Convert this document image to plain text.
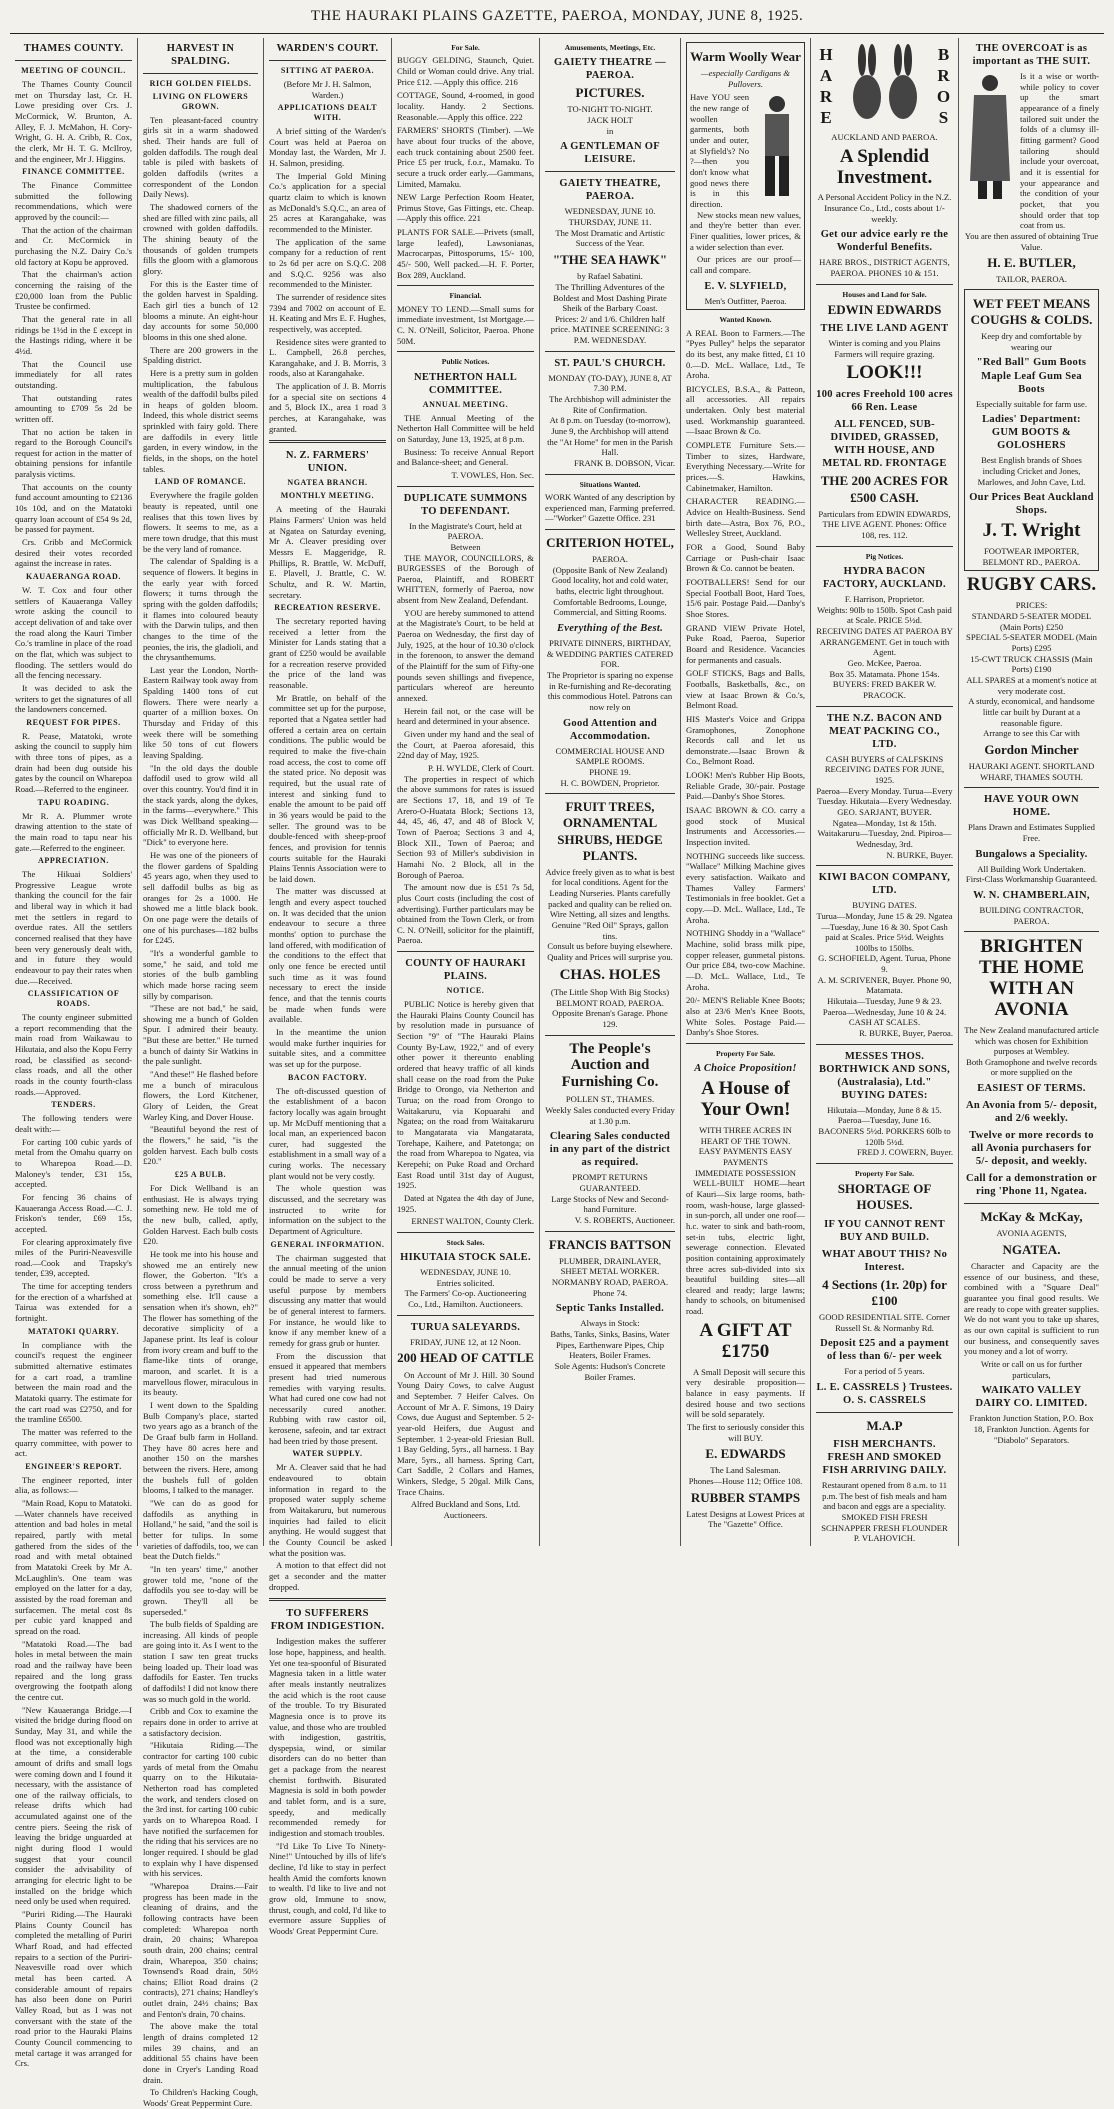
THE HAURAKI PLAINS GAZETTE, PAEROA, MONDAY, JUNE 8, 1925.
THAMES COUNTY.
MEETING OF COUNCIL.
The Thames County Council met on Thursday last, Cr. H. Lowe presiding over Crs. J. McCormick, W. Brunton, A. Alley, F. J. McMahon, H. Cory-Wright, G. H. A. Cribb, R. Cox, the clerk, Mr H. T. G. McIlroy, and the engineer, Mr J. Higgins.
FINANCE COMMITTEE.
The Finance Committee submitted the following recommendations, which were approved by the council:—
That the action of the chairman and Cr. McCormick in purchasing the N.Z. Dairy Co.'s old factory at Kopu be approved.
That the chairman's action concerning the raising of the £20,000 loan from the Public Trustee be confirmed.
That the general rate in all ridings be 1½d in the £ except in the Hastings riding, where it be 4½d.
That the Council use immediately for all rates outstanding.
That outstanding rates amounting to £709 5s 2d be written off.
That no action be taken in regard to the Borough Council's request for action in the matter of obtaining pensions for infantile paralysis victims.
That accounts on the county fund account amounting to £2136 10s 10d, and on the Matatoki quarry loan account of £54 9s 2d, be passed for payment.
Crs. Cribb and McCormick desired their votes recorded against the increase in rates.
KAUAERANGA ROAD.
W. T. Cox and four other settlers of Kauaeranga Valley wrote asking the council to accept delivation of and take over the road along the Kauri Timber Co.'s tramline in place of the road on the flat, which was subject to flooding. The settlers would do all the fencing necessary.
It was decided to ask the writers to get the signatures of all the landowners concerned.
REQUEST FOR PIPES.
R. Pease, Matatoki, wrote asking the council to supply him with three tons of pipes, as a drain had been dug outside his gates by the council on Wharepoa Road.—Referred to the engineer.
TAPU ROADING.
Mr R. A. Plummer wrote drawing attention to the state of the main road to tapu near his gate.—Referred to the engineer.
APPRECIATION.
The Hikuai Soldiers' Progressive League wrote thanking the council for the fair and liberal way in which it had met the settlers in regard to overdue rates. All the settlers concerned realised that they have been very generously dealt with, and in future they would endeavour to pay their rates when due.—Received.
CLASSIFICATION OF ROADS.
The county engineer submitted a report recommending that the main road from Waikawau to Hikutaia, and also the Kopu Ferry road, be classified as second-class roads, and all the other roads in the county fourth-class roads.—Approved.
TENDERS.
The following tenders were dealt with:—
For carting 100 cubic yards of metal from the Omahu quarry on to Wharepoa Road.—D. Maloney's tender, £31 15s, accepted.
For fencing 36 chains of Kauaeranga Access Road.—C. J. Friskon's tender, £69 15s, accepted.
For clearing approximately five miles of the Puriri-Neavesville road.—Cook and Trapsky's tender, £39, accepted.
The time for accepting tenders for the erection of a wharfshed at Tairua was extended for a fortnight.
MATATOKI QUARRY.
In compliance with the council's request the engineer submitted alternative estimates for a cart road, a tramline between the main road and the Matatoki quarry. The estimate for the cart road was £2750, and for the tramline £6500.
The matter was referred to the quarry committee, with power to act.
ENGINEER'S REPORT.
The engineer reported, inter alia, as follows:—
"Main Road, Kopu to Matatoki.—Water channels have received attention and bad holes in metal repaired, partly with metal gathered from the sides of the road and with metal obtained from Matatoki Creek by Mr A. McLaughlin's. One team was employed on the latter for a day, assisted by the road foreman and surfacemen. The metal cost 8s per cubic yard knapped and spread on the road.
"Matatoki Road.—The bad holes in metal between the main road and the railway have been repaired and the long grass overgrowing the footpath along the centre cut.
"New Kauaeranga Bridge.—I visited the bridge during flood on Sunday, May 31, and while the flood was not exceptionally high at the time, a considerable amount of drifts and small logs were coming down and I found it necessary, with the assistance of one of the railway officials, to release drifts which had accumulated against one of the centre piers. Seeing the risk of leaving the bridge unguarded at night during flood I would suggest that your council consider the advisability of arranging for electric light to be installed on the bridge which need only be used when required.
"Puriri Riding.—The Hauraki Plains County Council has completed the metalling of Puriri Wharf Road, and had effected repairs to a section of the Puriri-Neavesville road over which metal has been carted. A considerable amount of repairs has also been done on Puriri Valley Road, but as I was not conversant with the state of the road prior to the Hauraki Plains County Council commencing to metal cartage it was arranged for Crs.
HARVEST IN SPALDING.
RICH GOLDEN FIELDS.
LIVING ON FLOWERS GROWN.
Ten pleasant-faced country girls sit in a warm shadowed shed. Their hands are full of golden daffodils. The rough deal table is piled with baskets of golden daffodils (writes a correspondent of the London Daily News).
The shadowed corners of the shed are filled with zinc pails, all crowned with golden daffodils. The shining beauty of the thousands of golden trumpets fills the gloom with a glamorous glory.
For this is the Easter time of the golden harvest in Spalding. Each girl ties a bunch of 12 blooms a minute. An eight-hour day accounts for some 50,000 blooms in this one shed alone.
There are 200 growers in the Spalding district.
Here is a pretty sum in golden multiplication, the fabulous wealth of the daffodil bulbs piled in heaps of golden bloom. Indeed, this whole district seems sprinkled with fairy gold. There are daffodils in every little garden, in every window, in the fields, in the shops, on the hotel tables.
LAND OF ROMANCE.
Everywhere the fragile golden beauty is repeated, until one realises that this town lives by flowers. It seems to me, as a mere town drudge, that this must be the very land of romance.
The calendar of Spalding is a sequence of flowers. It begins in the early year with forced flowers; it turns through the spring with the golden daffodils; it flames into coloured beauty with the Darwin tulips, and then changes to the time of the peonies, the iris, the gladioli, and the chrysanthemums.
Last year the London, North-Eastern Railway took away from Spalding 1400 tons of cut flowers. There were nearly a quarter of a million boxes. On Thursday and Friday of this week there will be something like 50 tons of cut flowers leaving Spalding.
"In the old days the double daffodil used to grow wild all over this country. You'd find it in the stack yards, along the dykes, in the farms—everywhere." This was Dick Wellband speaking—officially Mr R. D. Wellband, but "Dick" to everyone here.
He was one of the pioneers of the flower gardens of Spalding 45 years ago, when they used to sell daffodil bulbs as big as oranges for 2s a 1000. He showed me a little black book. On one page were the details of one of his purchases—182 bulbs for £245.
"It's a wonderful gamble to some," he said, and told me stories of the bulb gambling which made horse racing seem silly by comparison.
"These are not bad," he said, showing me a bunch of Golden Spur. I admired their beauty. "But these are better." He turned a bunch of dainty Sir Watkins in the pale sunlight.
"And these!" He flashed before me a bunch of miraculous flowers, the Lord Kitchener, Glory of Leiden, the Great Warley King, and Dover House.
"Beautiful beyond the rest of the flowers," he said, "is the golden harvest. Each bulb costs £20."
£25 A BULB.
For Dick Wellband is an enthusiast. He is always trying something new. He told me of the new bulb, called, aptly, Golden Harvest. Each bulb costs £20.
He took me into his house and showed me an entirely new flower, the Goberton. "It's a cross between a pyrethrum and something else. It'll cause a sensation when it's shown, eh?" The flower has something of the decorative simplicity of a Japanese print. Its leaf is colour from ivory cream and buff to the flame-like tints of orange, maroon, and scarlet. It is a marvellous flower, miraculous in its beauty.
I went down to the Spalding Bulb Company's place, started two years ago as a branch of the De Graaf bulb farm in Holland. They have 80 acres here and another 150 on the marshes between the rivers. Here, among the bushels full of golden blooms, I talked to the manager.
"We can do as good for daffodils as anything in Holland," he said, "and the soil is better for tulips. In some varieties of daffodils, too, we can beat the Dutch fields."
"In ten years' time," another grower told me, "none of the daffodils you see to-day will be grown. They'll all be superseded."
The bulb fields of Spalding are increasing. All kinds of people are going into it. As I went to the station I saw ten great trucks being loaded up. Their load was daffodils for Easter. Ten trucks of daffodils! I did not know there was so much gold in the world.
Cribb and Cox to examine the repairs done in order to arrive at a satisfactory decision.
"Hikutaia Riding.—The contractor for carting 100 cubic yards of metal from the Omahu quarry on to the Hikutaia-Netherton road has completed the work, and tenders closed on the 3rd inst. for carting 100 cubic yards on to Wharepoa Road. I have notified the surfacemen for the riding that his services are no longer required. I should be glad to explain why I have dispensed with his services.
"Wharepoa Drains.—Fair progress has been made in the cleaning of drains, and the following contracts have been completed: Wharepoa north drain, 20 chains; Wharepoa south drain, 200 chains; central drain, Wharepoa, 350 chains; Townsend's Road drain, 50½ chains; Elliot Road drains (2 contracts), 271 chains; Handley's outlet drain, 24½ chains; Bax and Fenton's drain, 70 chains.
The above make the total length of drains completed 12 miles 39 chains, and an additional 55 chains have been done in Cryer's Landing Road drain.
To Children's Hacking Cough, Woods' Great Peppermint Cure.
WARDEN'S COURT.
SITTING AT PAEROA.
(Before Mr J. H. Salmon, Warden.)
APPLICATIONS DEALT WITH.
A brief sitting of the Warden's Court was held at Paeroa on Monday last, the Warden, Mr J. H. Salmon, presiding.
The Imperial Gold Mining Co.'s application for a special quartz claim to which is known as McDonald's S.Q.C., an area of 25 acres at Karangahake, was recommended to the Minister.
The application of the same company for a reduction of rent to 2s 6d per acre on S.Q.C. 208 and S.Q.C. 9256 was also recommended to the Minister.
The surrender of residence sites 7394 and 7002 on account of E. H. Keating and Mrs E. F. Hughes, respectively, was accepted.
Residence sites were granted to L. Campbell, 26.8 perches, Karangahake, and J. B. Morris, 3 roods, also at Karangahake.
The application of J. B. Morris for a special site on sections 4 and 5, Block IX., area 1 road 3 perches, at Karangahake, was granted.
N. Z. FARMERS' UNION.
NGATEA BRANCH.
MONTHLY MEETING.
A meeting of the Hauraki Plains Farmers' Union was held at Ngatea on Saturday evening, Mr A. Cleaver presiding over Messrs E. Maggeridge, R. Phillips, R. Brattle, W. McDuff, E. Plavell, J. Brattle, C. W. Schultz, and R. W. Martin, secretary.
RECREATION RESERVE.
The secretary reported having received a letter from the Minister for Lands stating that a grant of £250 would be available for a recreation reserve provided the price of the land was reasonable.
Mr Brattle, on behalf of the committee set up for the purpose, reported that a Ngatea settler had offered a certain area on certain conditions. The public would be required to make the five-chain road access, the cost to come off the stated price. No deposit was required, but the usual rate of interest and sinking fund to enable the amount to be paid off in 36 years would be paid to the seller. The ground was to be double-fenced with sheep-proof fences, and provision for tennis courts suitable for the Hauraki Plains Tennis Association were to be laid down.
The matter was discussed at length and every aspect touched on. It was decided that the union endeavour to secure a three months' option to purchase the land offered, with modification of the conditions to the effect that only one fence be erected until such time as it was found necessary to erect the inside fence, and that the tennis courts be made when funds were available.
In the meantime the union would make further inquiries for suitable sites, and a committee was set up for the purpose.
BACON FACTORY.
The oft-discussed question of the establishment of a bacon factory locally was again brought up. Mr McDuff mentioning that a local man, an experienced bacon curer, had suggested the establishment in a small way of a curing works. The necessary plant would not be very costly.
The whole question was discussed, and the secretary was instructed to write for information on the subject to the Department of Agriculture.
GENERAL INFORMATION.
The chairman suggested that the annual meeting of the union could be made to serve a very useful purpose by members discussing any matter that would be of general interest to farmers. For instance, he would like to know if any member knew of a remedy for grass grub or hunter.
From the discussion that ensued it appeared that members present had tried numerous remedies with varying results. What had cured one cow had not necessarily cured another. Rubbing with raw castor oil, kerosene, safeoin, and tar extract had been tried by those present.
WATER SUPPLY.
Mr A. Cleaver said that he had endeavoured to obtain information in regard to the proposed water supply scheme from Waitakaruru, but numerous inquiries had failed to elicit anything. He would suggest that the County Council be asked what the position was.
A motion to that effect did not get a seconder and the matter dropped.
TO SUFFERERS FROM INDIGESTION.
Indigestion makes the sufferer lose hope, happiness, and health. Yet one tea-spoonful of Bisurated Magnesia taken in a little water after meals instantly neutralizes the acid which is the root cause of the trouble. To try Bisurated Magnesia once is to prove its value, and those who are troubled with indigestion, gastritis, dyspepsia, wind, or similar disorders can do no better than get a package from the nearest chemist forthwith. Bisurated Magnesia is sold in both powder and tablet form, and is a sure, speedy, and medically recommended remedy for indigestion and stomach troubles.
"I'd Like To Live To Ninety-Nine!" Untouched by ills of life's decline, I'd like to stay in perfect health Amid the comforts known to wealth. I'd like to live and not grow old, Immune to snow, thrust, cough, and cold, I'd like to evermore assure Supplies of Woods' Great Peppermint Cure.
For Sale.
BUGGY GELDING, Staunch, Quiet. Child or Woman could drive. Any trial. Price £12. —Apply this office. 216
COTTAGE, Sound, 4-roomed, in good locality. Handy. 2 Sections. Reasonable.—Apply this office. 222
FARMERS' SHORTS (Timber). —We have about four trucks of the above, each truck containing about 2500 feet. Price £5 per truck, f.o.r., Mamaku. To secure a truck order early.—Gammans, Limited, Mamaku.
NEW Large Perfection Room Heater, Primus Stove, Gas Fittings, etc. Cheap.—Apply this office. 221
PLANTS FOR SALE.—Privets (small, large leafed), Lawsonianas, Macrocarpas, Pittosporums, 15/- 100, 45/- 500, Well packed.—H. F. Porter, Box 289, Auckland.
Financial.
MONEY TO LEND.—Small sums for immediate investment, 1st Mortgage.—C. N. O'Neill, Solicitor, Paeroa. Phone 50M.
Public Notices.
NETHERTON HALL COMMITTEE.
ANNUAL MEETING.
THE Annual Meeting of the Netherton Hall Committee will be held on Saturday, June 13, 1925, at 8 p.m.
Business: To receive Annual Report and Balance-sheet; and General.
T. VOWLES, Hon. Sec.
DUPLICATE SUMMONS TO DEFENDANT.
In the Magistrate's Court, held at PAEROA.
Between
THE MAYOR, COUNCILLORS, & BURGESSES of the Borough of Paeroa, Plaintiff, and ROBERT WHITTEN, formerly of Paeroa, now absent from New Zealand, Defendant.
YOU are hereby summoned to attend at the Magistrate's Court, to be held at Paeroa on Wednesday, the first day of July, 1925, at the hour of 10.30 o'clock in the forenoon, to answer the demand of the Plaintiff for the sum of Fifty-one pounds seven shillings and fivepence, particulars whereof are hereunto annexed.
Herein fail not, or the case will be heard and determined in your absence.
Given under my hand and the seal of the Court, at Paeroa aforesaid, this 22nd day of May, 1925.
P. H. WYLDE, Clerk of Court.
The properties in respect of which the above summons for rates is issued are Sections 17, 18, and 19 of Te Arero-O-Huatata Block; Sections 13, 44, 45, 46, 47, and 48 of Block V, Town of Paeroa; Sections 3 and 4, Block XII., Town of Paeroa; and Section 93 of Miller's subdivision in Hamahi No. 2 Block, all in the Borough of Paeroa.
The amount now due is £51 7s 5d, plus Court costs (including the cost of advertising). Further particulars may be obtained from the Town Clerk, or from C. N. O'Neill, solicitor for the plaintiff, Paeroa.
COUNTY OF HAURAKI PLAINS.
NOTICE.
PUBLIC Notice is hereby given that the Hauraki Plains County Council has by resolution made in pursuance of Section "9" of "The Hauraki Plains County By-Law, 1922," and of every other power it thereunto enabling ordered that heavy traffic of all kinds shall cease on the road from the Puke Bridge to Orongo, via Netherton and Turua; on the road from Orongo to Waitakaruru, via Kopuarahi and Ngatea; on the road from Waitakaruru to Mangatarata via Mangatarata, Torehape, Kaihere, and Patetonga; on the road from Wharepoa to Ngatea, via Kerepehi; on Puke Road and Orchard East Road until 31st day of August, 1925.
Dated at Ngatea the 4th day of June, 1925.
ERNEST WALTON, County Clerk.
Stock Sales.
HIKUTAIA STOCK SALE.
WEDNESDAY, JUNE 10.
Entries solicited.
The Farmers' Co-op. Auctioneering Co., Ltd., Hamilton. Auctioneers.
TURUA SALEYARDS.
FRIDAY, JUNE 12, at 12 Noon.
200 HEAD OF CATTLE
On Account of Mr J. Hill. 30 Sound Young Dairy Cows, to calve August and September. 7 Heifer Calves. On Account of Mr A. F. Simons, 19 Dairy Cows, due August and September. 5 2-year-old Heifers, due August and September. 1 2-year-old Friesian Bull. 1 Bay Gelding, 5yrs., all harness. 1 Bay Mare, 5yrs., all harness. Spring Cart, Cart Saddle, 2 Collars and Hames, Winkers, Sledge, 5 20gal. Milk Cans, Trace Chains.
Alfred Buckland and Sons, Ltd. Auctioneers.
Amusements, Meetings, Etc.
GAIETY THEATRE — PAEROA.
PICTURES.
TO-NIGHT TO-NIGHT.
JACK HOLT
in
A GENTLEMAN OF LEISURE.
GAIETY THEATRE, PAEROA.
WEDNESDAY, JUNE 10. THURSDAY, JUNE 11.
The Most Dramatic and Artistic Success of the Year.
"THE SEA HAWK"
by Rafael Sabatini.
The Thrilling Adventures of the Boldest and Most Dashing Pirate Sheik of the Barbary Coast.
Prices: 2/ and 1/6. Children half price. MATINEE SCREENING: 3 P.M. WEDNESDAY.
ST. PAUL'S CHURCH.
MONDAY (TO-DAY), JUNE 8, AT 7.30 P.M.
The Archbishop will administer the Rite of Confirmation.
At 8 p.m. on Tuesday (to-morrow), June 9, the Archbishop will attend the "At Home" for men in the Parish Hall.
FRANK B. DOBSON, Vicar.
Situations Wanted.
WORK Wanted of any description by experienced man, Farming preferred.—"Worker" Gazette Office. 231
CRITERION HOTEL,
PAEROA.
(Opposite Bank of New Zealand)
Good locality, hot and cold water, baths, electric light throughout.
Comfortable Bedrooms, Lounge, Commercial, and Sitting Rooms.
Everything of the Best.
PRIVATE DINNERS, BIRTHDAY, & WEDDING PARTIES CATERED FOR.
The Proprietor is sparing no expense in Re-furnishing and Re-decorating this commodious Hotel. Patrons can now rely on
Good Attention and Accommodation.
COMMERCIAL HOUSE AND SAMPLE ROOMS.
PHONE 19.
H. C. BOWDEN, Proprietor.
FRUIT TREES, ORNAMENTAL SHRUBS, HEDGE PLANTS.
Advice freely given as to what is best for local conditions. Agent for the Leading Nurseries. Plants carefully packed and quality can be relied on.
Wire Netting, all sizes and lengths.
Genuine "Red Oil" Sprays, gallon tins.
Consult us before buying elsewhere. Quality and Prices will surprise you.
CHAS. HOLES
(The Little Shop With Big Stocks) BELMONT ROAD, PAEROA. Opposite Brenan's Garage. Phone 129.
The People's Auction and Furnishing Co.
POLLEN ST., THAMES.
Weekly Sales conducted every Friday at 1.30 p.m.
Clearing Sales conducted in any part of the district as required.
PROMPT RETURNS GUARANTEED.
Large Stocks of New and Second-hand Furniture.
V. S. ROBERTS, Auctioneer.
FRANCIS BATTSON
PLUMBER, DRAINLAYER, SHEET METAL WORKER.
NORMANBY ROAD, PAEROA. Phone 74.
Septic Tanks Installed.
Always in Stock:
Baths, Tanks, Sinks, Basins, Water Pipes, Earthenware Pipes, Chip Heaters, Boiler Frames.
Sole Agents: Hudson's Concrete Boiler Frames.
Warm Woolly Wear
—especially Cardigans & Pullovers.
Have YOU seen the new range of woollen garments, both under and outer, at Slyfield's? No ?—then you don't know what good news there is in this direction.
New stocks mean new values, and they're better than ever. Finer qualities, lower prices, & a wider selection than ever.
Our prices are our proof—call and compare.
E. V. SLYFIELD,
Men's Outfitter, Paeroa.
Wanted Known.
A REAL Boon to Farmers.—The "Pyes Pulley" helps the separator do its best, any make fitted, £1 10 0.—D. McL. Wallace, Ltd., Te Aroha.
BICYCLES, B.S.A., & Patteon, all accessories. All repairs undertaken. Only best material used. Workmanship guaranteed. —Isaac Brown & Co.
COMPLETE Furniture Sets.—Timber to sizes, Hardware, Everything Necessary.—Write for prices.—S. Hawkins, Cabinetmaker, Hamilton.
CHARACTER READING.—Advice on Health-Business. Send birth date—Astra, Box 76, P.O., Wellesley Street, Auckland.
FOR a Good, Sound Baby Carriage or Push-chair Isaac Brown & Co. cannot be beaten.
FOOTBALLERS! Send for our Special Football Boot, Hard Toes, 15/6 pair. Postage Paid.—Danby's Shoe Stores.
GRAND VIEW Private Hotel, Puke Road, Paeroa, Superior Board and Residence. Vacancies for permanents and casuals.
GOLF STICKS, Bags and Balls, Footballs, Basketballs, &c., on view at Isaac Brown & Co.'s, Belmont Road.
HIS Master's Voice and Grippa Gramophones, Zonophone Records call and let us demonstrate.—Isaac Brown & Co., Belmont Road.
LOOK! Men's Rubber Hip Boots, Reliable Grade, 30/-pair. Postage Paid.—Danby's Shoe Stores.
ISAAC BROWN & CO. carry a good stock of Musical Instruments and Accessories.—Inspection invited.
NOTHING succeeds like success. "Wallace" Milking Machine gives every satisfaction. Waikato and Thames Valley Farmers' Testimonials in free booklet. Get a copy.—D. McL. Wallace, Ltd., Te Aroha.
NOTHING Shoddy in a "Wallace" Machine, solid brass milk pipe, copper releaser, gunmetal pistons. Our price £84, two-cow Machine.—D. McL. Wallace, Ltd., Te Aroha.
20/- MEN'S Reliable Knee Boots; also at 23/6 Men's Knee Boots, White Soles. Postage Paid.—Danby's Shoe Stores.
Property For Sale.
A Choice Proposition!
A House of Your Own!
WITH THREE ACRES IN HEART OF THE TOWN.
EASY PAYMENTS EASY PAYMENTS
IMMEDIATE POSSESSION
WELL-BUILT HOME—heart of Kauri—Six large rooms, bath-room, wash-house, large glassed-in sun-porch, all under one roof—h.c. water to sink and bath-room, set-in tubs, electric light, sewerage connection. Elevated position containing approximately three acres sub-divided into six beautiful building sites—all cleared and ready; large lawns; handy to schools, on bitumenised road.
A GIFT AT £1750
A Small Deposit will secure this very desirable proposition—balance in easy payments. If desired house and two sections will be sold separately.
The first to seriously consider this will BUY.
E. EDWARDS
The Land Salesman.
Phones—House 112; Office 108.
RUBBER STAMPS
Latest Designs at Lowest Prices at The "Gazette" Office.
HARE	BROS
AUCKLAND AND PAEROA.
A Splendid Investment.
A Personal Accident Policy in the N.Z. Insurance Co., Ltd., costs about 1/- weekly.
Get our advice early re the Wonderful Benefits.
HARE BROS., DISTRICT AGENTS, PAEROA. PHONES 10 & 151.
Houses and Land for Sale.
EDWIN EDWARDS
THE LIVE LAND AGENT
Winter is coming and you Plains Farmers will require grazing.
LOOK!!!
100 acres Freehold 100 acres 66 Ren. Lease
ALL FENCED, SUB-DIVIDED, GRASSED, WITH HOUSE, AND METAL RD. FRONTAGE
THE 200 ACRES FOR £500 CASH.
Particulars from EDWIN EDWARDS, THE LIVE AGENT. Phones: Office 108, res. 112.
Pig Notices.
HYDRA BACON FACTORY, AUCKLAND.
F. Harrison, Proprietor.
Weights: 90lb to 150lb. Spot Cash paid at Scale. PRICE 5½d.
RECEIVING DATES AT PAEROA BY ARRANGEMENT. Get in touch with Agent.
Geo. McKee, Paeroa.
Box 35. Matamata. Phone 154s.
BUYERS: FRED BAKER W. PRACOCK.
THE N.Z. BACON AND MEAT PACKING CO., LTD.
CASH BUYERS of CALFSKINS
RECEIVING DATES FOR JUNE, 1925.
Paeroa—Every Monday. Turua—Every Tuesday. Hikutaia—Every Wednesday.
GEO. SARJANT, BUYER.
Ngatea—Monday, 1st & 15th. Waitakaruru—Tuesday, 2nd. Pipiroa—Wednesday, 3rd.
N. BURKE, Buyer.
KIWI BACON COMPANY, LTD.
BUYING DATES.
Turua—Monday, June 15 & 29. Ngatea—Tuesday, June 16 & 30. Spot Cash paid at Scales. Price 5½d. Weights 100lbs to 150lbs.
G. SCHOFIELD, Agent. Turua, Phone 9.
A. M. SCRIVENER, Buyer. Phone 90, Matamata.
Hikutaia—Tuesday, June 9 & 23. Paeroa—Wednesday, June 10 & 24. CASH AT SCALES.
R. BURKE, Buyer, Paeroa.
MESSES THOS. BORTHWICK AND SONS, (Australasia), Ltd." BUYING DATES:
Hikutaia—Monday, June 8 & 15. Paeroa—Tuesday, June 16. BACONERS 5½d. PORKERS 60lb to 120lb 5½d.
FRED J. COWERN, Buyer.
Property For Sale.
SHORTAGE OF HOUSES.
IF YOU CANNOT RENT BUY AND BUILD.
WHAT ABOUT THIS? No Interest.
4 Sections (1r. 20p) for £100
GOOD RESIDENTIAL SITE. Corner Russell St. & Normanby Rd.
Deposit £25 and a payment of less than 6/- per week
For a period of 5 years.
L. E. CASSRELS } Trustees. O. S. CASSRELS
M.A.P
FISH MERCHANTS. FRESH AND SMOKED FISH ARRIVING DAILY.
Restaurant opened from 8 a.m. to 11 p.m. The best of fish meals and ham and bacon and eggs are a speciality.
SMOKED FISH FRESH SCHNAPPER FRESH FLOUNDER
P. VLAHOVICH.
THE OVERCOAT is as important as THE SUIT.
Is it a wise or worth-while policy to cover up the smart appearance of a finely tailored suit under the folds of a clumsy ill-fitting garment? Good tailoring should include your overcoat, and it is essential for your appearance and the condition of your pocket, that you should order that top coat from us.
You are then assured of obtaining True Value.
H. E. BUTLER,
TAILOR, PAEROA.
WET FEET MEANS COUGHS & COLDS.
Keep dry and comfortable by wearing our
"Red Ball" Gum Boots Maple Leaf Gum Sea Boots
Especially suitable for farm use.
Ladies' Department: GUM BOOTS & GOLOSHERS
Best English brands of Shoes including Cricket and Jones, Marlowes, and John Cave, Ltd.
Our Prices Beat Auckland Shops.
J. T. Wright
FOOTWEAR IMPORTER, BELMONT RD., PAEROA.
RUGBY CARS.
PRICES:
STANDARD 5-SEATER MODEL (Main Ports) £250
SPECIAL 5-SEATER MODEL (Main Ports) £295
15-CWT TRUCK CHASSIS (Main Ports) £190
ALL SPARES at a moment's notice at very moderate cost.
A sturdy, economical, and handsome little car built by Durant at a reasonable figure.
Arrange to see this Car with
Gordon Mincher
HAURAKI AGENT. SHORTLAND WHARF, THAMES SOUTH.
HAVE YOUR OWN HOME.
Plans Drawn and Estimates Supplied Free.
Bungalows a Speciality.
All Building Work Undertaken.
First-Class Workmanship Guaranteed.
W. N. CHAMBERLAIN,
BUILDING CONTRACTOR, PAEROA.
BRIGHTEN THE HOME WITH AN AVONIA
The New Zealand manufactured article which was chosen for Exhibition purposes at Wembley.
Both Gramophone and twelve records or more supplied on the
EASIEST OF TERMS.
An Avonia from 5/- deposit, and 2/6 weekly.
Twelve or more records to all Avonia purchasers for 5/- deposit, and weekly.
Call for a demonstration or ring 'Phone 11, Ngatea.
McKay & McKay,
AVONIA AGENTS,
NGATEA.
Character and Capacity are the essence of our business, and these, combined with a "Square Deal" guarantee you final good results. We are ready to cope with greater supplies. We do not want you to take up shares, as our own capital is sufficient to run our business, and consequently saves you money and a lot of worry.
Write or call on us for further particulars,
WAIKATO VALLEY DAIRY CO. LIMITED.
Frankton Junction Station, P.O. Box 18, Frankton Junction. Agents for "Diabolo" Separators.
